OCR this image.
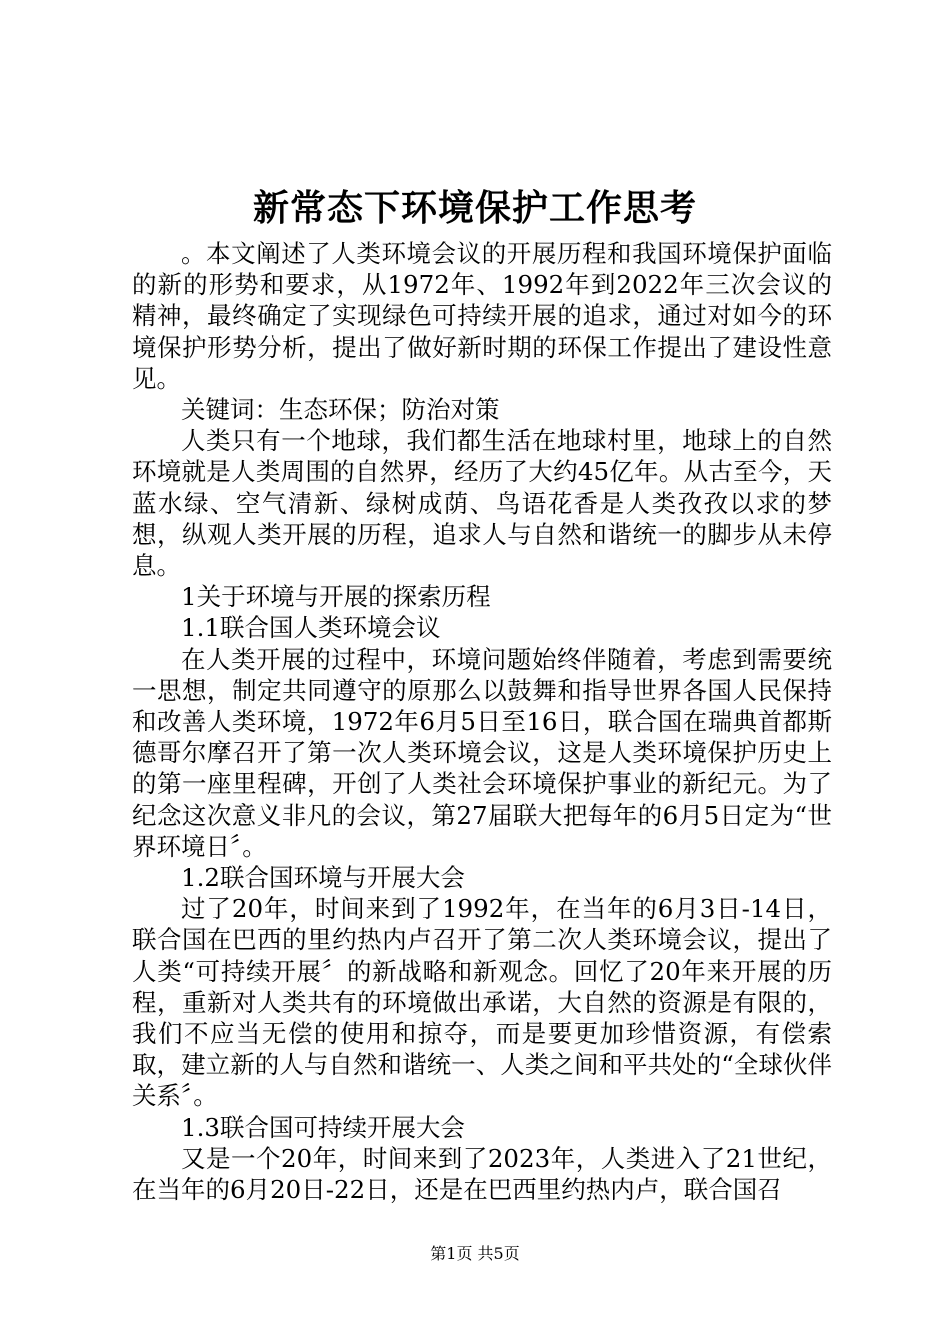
新常态下环境保护工作思考

。本文阐述了人类环境会议的开展历程和我国环境保护面临的新的形势和要求，从1972年、1992年到2022年三次会议的精神，最终确定了实现绿色可持续开展的追求，通过对如今的环境保护形势分析，提出了做好新时期的环保工作提出了建设性意见。

关键词：生态环保；防治对策

人类只有一个地球，我们都生活在地球村里，地球上的自然环境就是人类周围的自然界，经历了大约45亿年。从古至今，天蓝水绿、空气清新、绿树成荫、鸟语花香是人类孜孜以求的梦想，纵观人类开展的历程，追求人与自然和谐统一的脚步从未停息。

1关于环境与开展的探索历程

1.1联合国人类环境会议

在人类开展的过程中，环境问题始终伴随着，考虑到需要统一思想，制定共同遵守的原那么以鼓舞和指导世界各国人民保持和改善人类环境，1972年6月5日至16日，联合国在瑞典首都斯德哥尔摩召开了第一次人类环境会议，这是人类环境保护历史上的第一座里程碑，开创了人类社会环境保护事业的新纪元。为了纪念这次意义非凡的会议，第27届联大把每年的6月5日定为“世界环境日〞。

1.2联合国环境与开展大会

过了20年，时间来到了1992年，在当年的6月3日-14日，联合国在巴西的里约热内卢召开了第二次人类环境会议，提出了人类“可持续开展〞的新战略和新观念。回忆了20年来开展的历程，重新对人类共有的环境做出承诺，大自然的资源是有限的，我们不应当无偿的使用和掠夺，而是要更加珍惜资源，有偿索取，建立新的人与自然和谐统一、人类之间和平共处的“全球伙伴关系〞。

1.3联合国可持续开展大会

又是一个20年，时间来到了2023年，人类进入了21世纪，在当年的6月20日-22日，还是在巴西里约热内卢，联合国召

第1页 共5页
